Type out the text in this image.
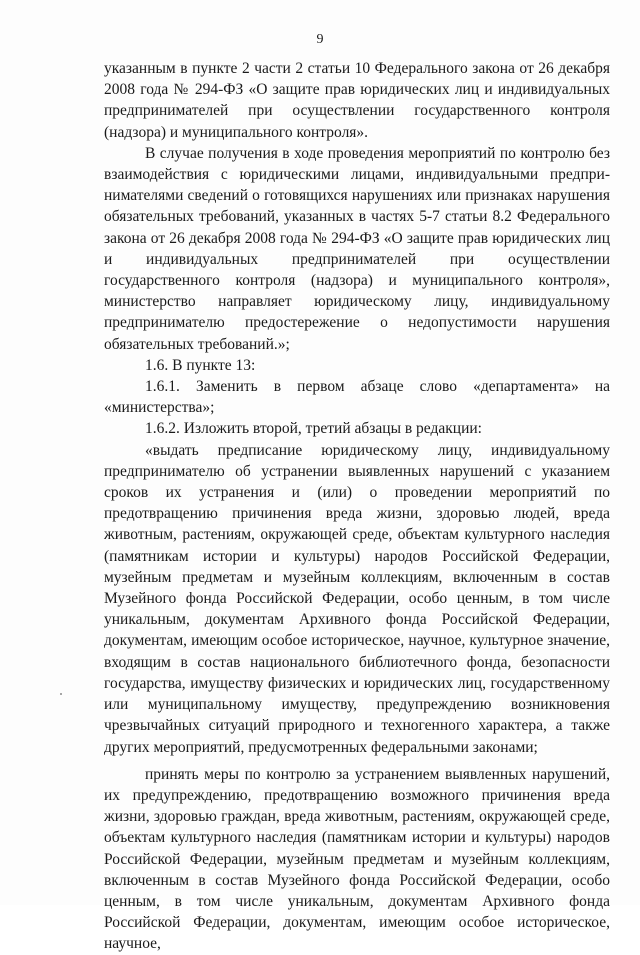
9

указанным в пункте 2 части 2 статьи 10 Федерального закона от 26 декабря 2008 года № 294-ФЗ «О защите прав юридических лиц и индивидуальных предпринимателей при осуществлении государственного контроля (надзора) и муниципального контроля».

В случае получения в ходе проведения мероприятий по контролю без взаимодействия с юридическими лицами, индивидуальными предпринимателями сведений о готовящихся нарушениях или признаках нарушения обязательных требований, указанных в частях 5-7 статьи 8.2 Федерального закона от 26 декабря 2008 года № 294-ФЗ «О защите прав юридических лиц и индивидуальных предпринимателей при осуществлении государственного контроля (надзора) и муниципального контроля», министерство направляет юридическому лицу, индивидуальному предпринимателю предостережение о недопустимости нарушения обязательных требований.»;

1.6. В пункте 13:

1.6.1. Заменить в первом абзаце слово «департамента» на «министерства»;

1.6.2. Изложить второй, третий абзацы в редакции:

«выдать предписание юридическому лицу, индивидуальному предпринимателю об устранении выявленных нарушений с указанием сроков их устранения и (или) о проведении мероприятий по предотвращению причинения вреда жизни, здоровью людей, вреда животным, растениям, окружающей среде, объектам культурного наследия (памятникам истории и культуры) народов Российской Федерации, музейным предметам и музейным коллекциям, включенным в состав Музейного фонда Российской Федерации, особо ценным, в том числе уникальным, документам Архивного фонда Российской Федерации, документам, имеющим особое историческое, научное, культурное значение, входящим в состав национального библиотечного фонда, безопасности государства, имуществу физических и юридических лиц, государственному или муниципальному имуществу, предупреждению возникновения чрезвычайных ситуаций природного и техногенного характера, а также других мероприятий, предусмотренных федеральными законами;

принять меры по контролю за устранением выявленных нарушений, их предупреждению, предотвращению возможного причинения вреда жизни, здоровью граждан, вреда животным, растениям, окружающей среде, объектам культурного наследия (памятникам истории и культуры) народов Российской Федерации, музейным предметам и музейным коллекциям, включенным в состав Музейного фонда Российской Федерации, особо ценным, в том числе уникальным, документам Архивного фонда Российской Федерации, документам, имеющим особое историческое, научное,
